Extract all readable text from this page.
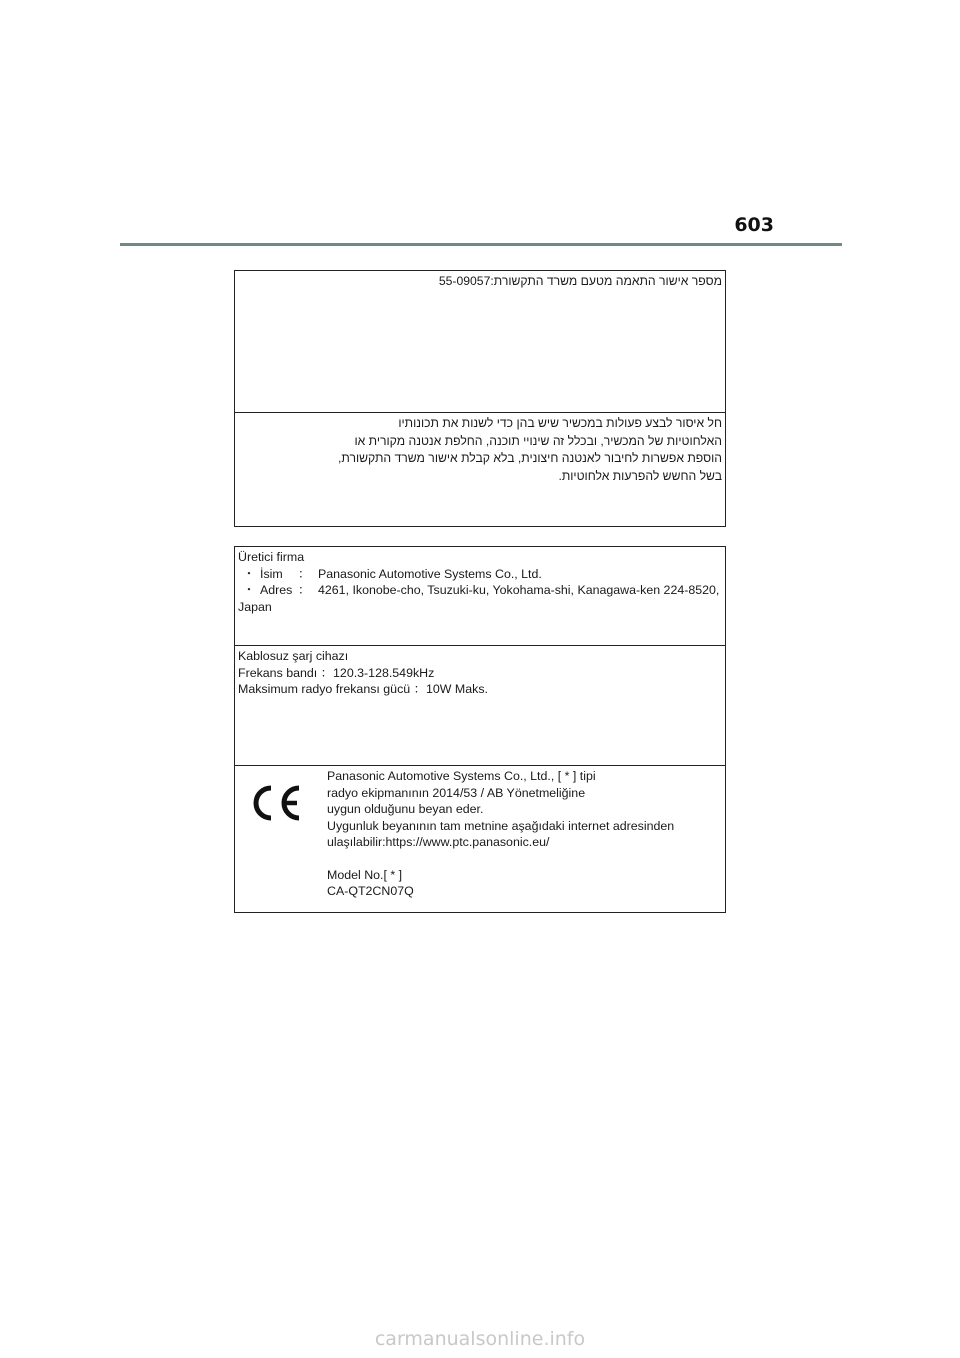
603
מספר אישור התאמה מטעם משרד התקשורת:55-09057
חל איסור לבצע פעולות במכשיר שיש בהן כדי לשנות את תכונותיו
האלחוטיות של המכשיר, ובכלל זה שינויי תוכנה, החלפת אנטנה מקורית או
הוספת אפשרות לחיבור לאנטנה חיצונית, בלא קבלת אישור משרד התקשורת,
בשל החשש להפרעות אלחוטיות.
Üretici firma
・ İsim	： Panasonic Automotive Systems Co., Ltd.
・ Adres ： 4261, Ikonobe-cho, Tsuzuki-ku, Yokohama-shi, Kanagawa-ken 224-8520,
Japan
Kablosuz şarj cihazı
Frekans bandı ：120.3-128.549kHz
Maksimum radyo frekansı gücü ：10W Maks.
Panasonic Automotive Systems Co., Ltd., [ * ] tipi
radyo ekipmanının 2014/53 / AB Yönetmeliğine
uygun olduğunu beyan eder.
Uygunluk beyanının tam metnine aşağıdaki internet adresinden
ulaşılabilir:https://www.ptc.panasonic.eu/
Model No.[ * ]
CA-QT2CN07Q
carmanualsonline.info
